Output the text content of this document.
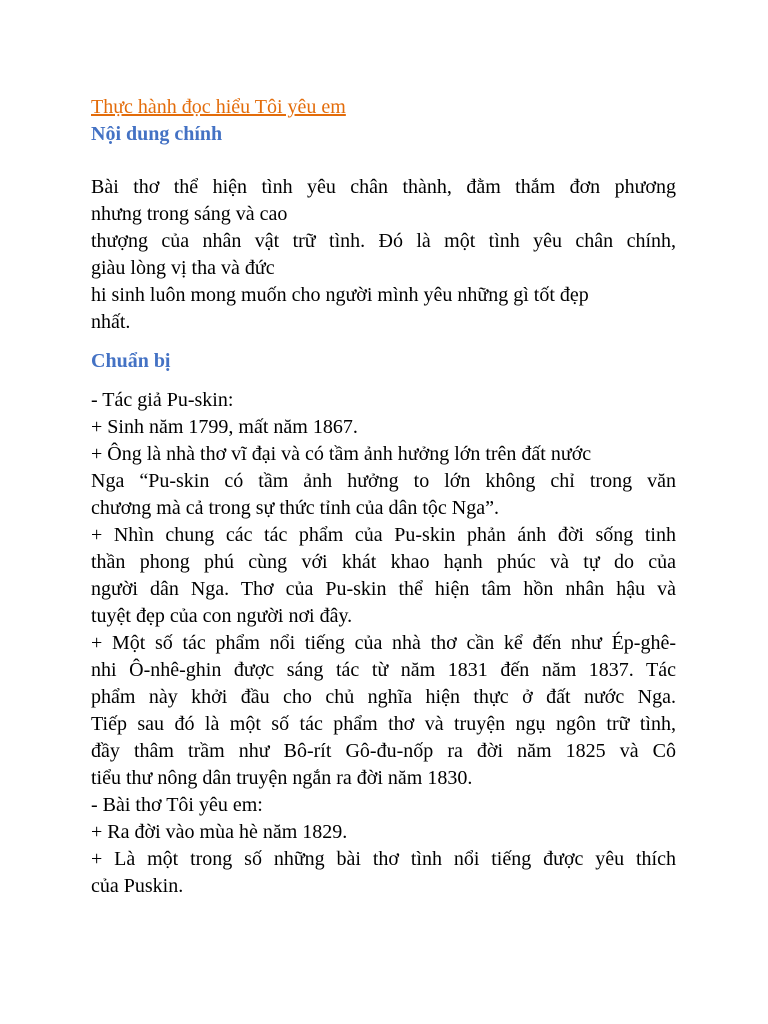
Thực hành đọc hiểu Tôi yêu em
Nội dung chính
Bài thơ thể hiện tình yêu chân thành, đằm thắm đơn phương
nhưng trong sáng và cao
thượng của nhân vật trữ tình. Đó là một tình yêu chân chính,
giàu lòng vị tha và đức
hi sinh luôn mong muốn cho người mình yêu những gì tốt đẹp
nhất.
Chuẩn bị
- Tác giả Pu-skin:
+ Sinh năm 1799, mất năm 1867.
+ Ông là nhà thơ vĩ đại và có tầm ảnh hưởng lớn trên đất nước
Nga “Pu-skin có tầm ảnh hưởng to lớn không chỉ trong văn
chương mà cả trong sự thức tỉnh của dân tộc Nga”.
+ Nhìn chung các tác phẩm của Pu-skin phản ánh đời sống tinh
thần phong phú cùng với khát khao hạnh phúc và tự do của
người dân Nga. Thơ của Pu-skin thể hiện tâm hồn nhân hậu và
tuyệt đẹp của con người nơi đây.
+ Một số tác phẩm nổi tiếng của nhà thơ cần kể đến như Ép-ghê-
nhi Ô-nhê-ghin được sáng tác từ năm 1831 đến năm 1837. Tác
phẩm này khởi đầu cho chủ nghĩa hiện thực ở đất nước Nga.
Tiếp sau đó là một số tác phẩm thơ và truyện ngụ ngôn trữ tình,
đầy thâm trầm như Bô-rít Gô-đu-nốp ra đời năm 1825 và Cô
tiểu thư nông dân truyện ngắn ra đời năm 1830.
- Bài thơ Tôi yêu em:
+ Ra đời vào mùa hè năm 1829.
+ Là một trong số những bài thơ tình nổi tiếng được yêu thích
của Puskin.
